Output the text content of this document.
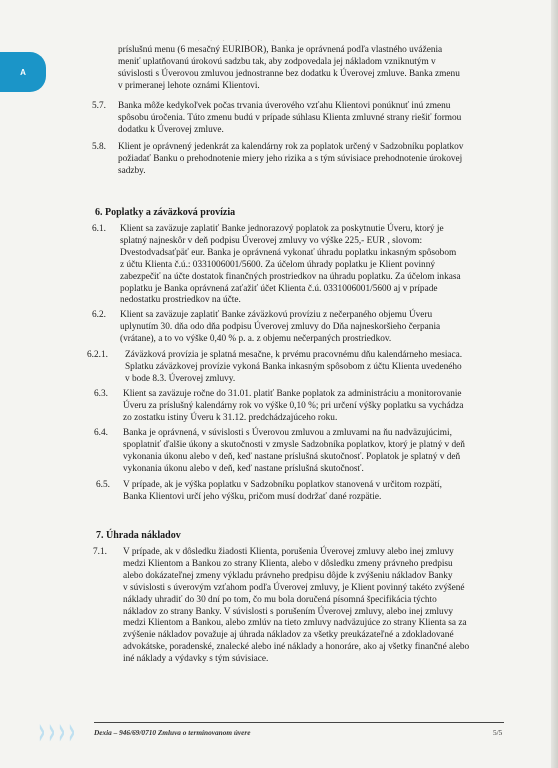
. . . . . . . .
A
príslušnú menu (6 mesačný EURIBOR), Banka je oprávnená podľa vlastného uváženia
meniť uplatňovanú úrokovú sadzbu tak, aby zodpovedala jej nákladom vzniknutým v
súvislosti s Úverovou zmluvou jednostranne bez dodatku k Úverovej zmluve. Banka zmenu
v primeranej lehote oznámi Klientovi.
5.7. Banka môže kedykoľvek počas trvania úverového vzťahu Klientovi ponúknuť inú zmenu
spôsobu úročenia. Túto zmenu budú v prípade súhlasu Klienta zmluvné strany riešiť formou
dodatku k Úverovej zmluve.
5.8. Klient je oprávnený jedenkrát za kalendárny rok za poplatok určený v Sadzobníku poplatkov
požiadať Banku o prehodnotenie miery jeho rizika a s tým súvisiace prehodnotenie úrokovej
sadzby.
6. Poplatky a záväzková provízia
6.1. Klient sa zaväzuje zaplatiť Banke jednorazový poplatok za poskytnutie Úveru, ktorý je
splatný najneskôr v deň podpisu Úverovej zmluvy vo výške 225,- EUR , slovom:
Dvestodvadsaťpäť eur. Banka je oprávnená vykonať úhradu poplatku inkasným spôsobom
z účtu Klienta č.ú.: 0331006001/5600. Za účelom úhrady poplatku je Klient povinný
zabezpečiť na účte dostatok finančných prostriedkov na úhradu poplatku. Za účelom inkasa
poplatku je Banka oprávnená zaťažiť účet Klienta č.ú. 0331006001/5600 aj v prípade
nedostatku prostriedkov na účte.
6.2. Klient sa zaväzuje zaplatiť Banke záväzkovú províziu z nečerpaného objemu Úveru
uplynutím 30. dňa odo dňa podpisu Úverovej zmluvy do Dňa najneskoršieho čerpania
(vrátane), a to vo výške 0,40 % p. a. z objemu nečerpaných prostriedkov.
6.2.1. Záväzková provízia je splatná mesačne, k prvému pracovnému dňu kalendárneho mesiaca.
Splatku záväzkovej provízie vykoná Banka inkasným spôsobom z účtu Klienta uvedeného
v bode 8.3. Úverovej zmluvy.
6.3. Klient sa zaväzuje ročne do 31.01. platiť Banke poplatok za administráciu a monitorovanie
Úveru za príslušný kalendárny rok vo výške 0,10 %; pri určení výšky poplatku sa vychádza
zo zostatku istiny Úveru k 31.12. predchádzajúceho roku.
6.4. Banka je oprávnená, v súvislosti s Úverovou zmluvou a zmluvami na ňu nadväzujúcimi,
spoplatniť ďalšie úkony a skutočnosti v zmysle Sadzobníka poplatkov, ktorý je platný v deň
vykonania úkonu alebo v deň, keď nastane príslušná skutočnosť. Poplatok je splatný v deň
vykonania úkonu alebo v deň, keď nastane príslušná skutočnosť.
6.5. V prípade, ak je výška poplatku v Sadzobníku poplatkov stanovená v určitom rozpätí,
Banka Klientovi určí jeho výšku, pričom musí dodržať dané rozpätie.
7. Úhrada nákladov
7.1. V prípade, ak v dôsledku žiadosti Klienta, porušenia Úverovej zmluvy alebo inej zmluvy
medzi Klientom a Bankou zo strany Klienta, alebo v dôsledku zmeny právneho predpisu
alebo dokázateľnej zmeny výkladu právneho predpisu dôjde k zvýšeniu nákladov Banky
v súvislosti s úverovým vzťahom podľa Úverovej zmluvy, je Klient povinný takéto zvýšené
náklady uhradiť do 30 dní po tom, čo mu bola doručená písomná špecifikácia týchto
nákladov zo strany Banky. V súvislosti s porušením Úverovej zmluvy, alebo inej zmluvy
medzi Klientom a Bankou, alebo zmlúv na tieto zmluvy nadväzujúce zo strany Klienta sa za
zvýšenie nákladov považuje aj úhrada nákladov za všetky preukázateľné a zdokladované
advokátske, poradenské, znalecké alebo iné náklady a honoráre, ako aj všetky finančné alebo
iné náklady a výdavky s tým súvisiace.
› › › ›	Dexia – 946/69/0710 Zmluva o termínovanom úvere	5/5
